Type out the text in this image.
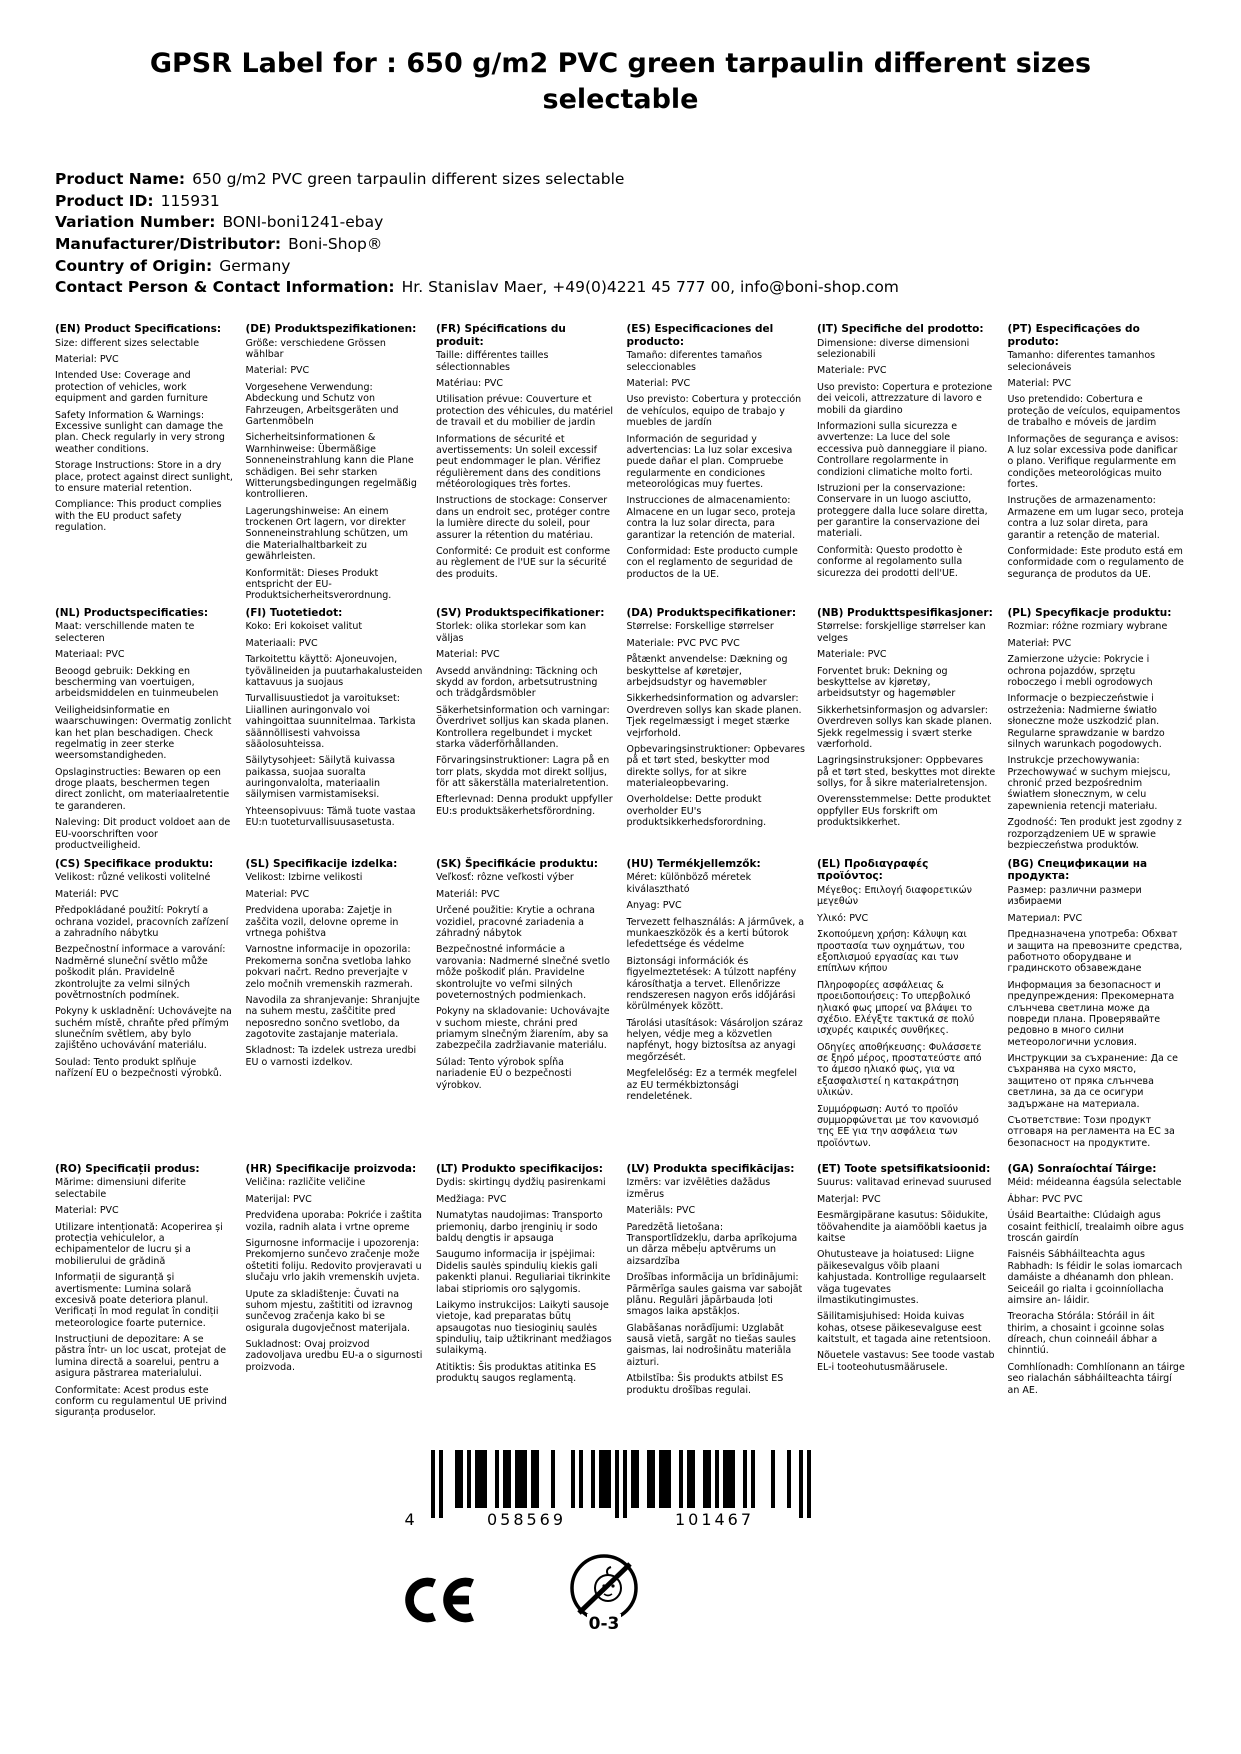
GPSR Label for : 650 g/m2 PVC green tarpaulin different sizes selectable
Product Name: 650 g/m2 PVC green tarpaulin different sizes selectable
Product ID: 115931
Variation Number: BONI-boni1241-ebay
Manufacturer/Distributor: Boni-Shop®
Country of Origin: Germany
Contact Person & Contact Information: Hr. Stanislav Maer, +49(0)4221 45 777 00, info@boni-shop.com
(EN) Product Specifications:

Size: different sizes selectable

Material: PVC

Intended Use: Coverage and protection of vehicles, work equipment and garden furniture

Safety Information & Warnings: Excessive sunlight can damage the plan. Check regularly in very strong weather conditions.

Storage Instructions: Store in a dry place, protect against direct sunlight, to ensure material retention.

Compliance: This product complies with the EU product safety regulation.

(DE) Produktspezifikationen:

Größe: verschiedene Grössen wählbar

Material: PVC

Vorgesehene Verwendung: Abdeckung und Schutz von Fahrzeugen, Arbeitsgeräten und Gartenmöbeln

Sicherheitsinformationen & Warnhinweise: Übermäßige Sonneneinstrahlung kann die Plane schädigen. Bei sehr starken Witterungsbedingungen regelmäßig kontrollieren.

Lagerungshinweise: An einem trockenen Ort lagern, vor direkter Sonneneinstrahlung schützen, um die Materialhaltbarkeit zu gewährleisten.

Konformität: Dieses Produkt entspricht der EU-Produktsicherheitsverordnung.

(FR) Spécifications du produit:

Taille: différentes tailles sélectionnables

Matériau: PVC

Utilisation prévue: Couverture et protection des véhicules, du matériel de travail et du mobilier de jardin

Informations de sécurité et avertissements: Un soleil excessif peut endommager le plan. Vérifiez régulièrement dans des conditions météorologiques très fortes.

Instructions de stockage: Conserver dans un endroit sec, protéger contre la lumière directe du soleil, pour assurer la rétention du matériau.

Conformité: Ce produit est conforme au règlement de l'UE sur la sécurité des produits.

(ES) Especificaciones del producto:

Tamaño: diferentes tamaños seleccionables

Material: PVC

Uso previsto: Cobertura y protección de vehículos, equipo de trabajo y muebles de jardín

Información de seguridad y advertencias: La luz solar excesiva puede dañar el plan. Compruebe regularmente en condiciones meteorológicas muy fuertes.

Instrucciones de almacenamiento: Almacene en un lugar seco, proteja contra la luz solar directa, para garantizar la retención de material.

Conformidad: Este producto cumple con el reglamento de seguridad de productos de la UE.

(IT) Specifiche del prodotto:

Dimensione: diverse dimensioni selezionabili

Materiale: PVC

Uso previsto: Copertura e protezione dei veicoli, attrezzature di lavoro e mobili da giardino

Informazioni sulla sicurezza e avvertenze: La luce del sole eccessiva può danneggiare il piano. Controllare regolarmente in condizioni climatiche molto forti.

Istruzioni per la conservazione: Conservare in un luogo asciutto, proteggere dalla luce solare diretta, per garantire la conservazione dei materiali.

Conformità: Questo prodotto è conforme al regolamento sulla sicurezza dei prodotti dell'UE.

(PT) Especificações do produto:

Tamanho: diferentes tamanhos selecionáveis

Material: PVC

Uso pretendido: Cobertura e proteção de veículos, equipamentos de trabalho e móveis de jardim

Informações de segurança e avisos: A luz solar excessiva pode danificar o plano. Verifique regularmente em condições meteorológicas muito fortes.

Instruções de armazenamento: Armazene em um lugar seco, proteja contra a luz solar direta, para garantir a retenção de material.

Conformidade: Este produto está em conformidade com o regulamento de segurança de produtos da UE.

(NL) Productspecificaties:

Maat: verschillende maten te selecteren

Materiaal: PVC

Beoogd gebruik: Dekking en bescherming van voertuigen, arbeidsmiddelen en tuinmeubelen

Veiligheidsinformatie en waarschuwingen: Overmatig zonlicht kan het plan beschadigen. Check regelmatig in zeer sterke weersomstandigheden.

Opslaginstructies: Bewaren op een droge plaats, beschermen tegen direct zonlicht, om materiaalretentie te garanderen.

Naleving: Dit product voldoet aan de EU-voorschriften voor productveiligheid.

(FI) Tuotetiedot:

Koko: Eri kokoiset valitut

Materiaali: PVC

Tarkoitettu käyttö: Ajoneuvojen, työvälineiden ja puutarhakalusteiden kattavuus ja suojaus

Turvallisuustiedot ja varoitukset: Liiallinen auringonvalo voi vahingoittaa suunnitelmaa. Tarkista säännöllisesti vahvoissa sääolosuhteissa.

Säilytysohjeet: Säilytä kuivassa paikassa, suojaa suoralta auringonvalolta, materiaalin säilymisen varmistamiseksi.

Yhteensopivuus: Tämä tuote vastaa EU:n tuoteturvallisuusasetusta.

(SV) Produktspecifikationer:

Storlek: olika storlekar som kan väljas

Material: PVC

Avsedd användning: Täckning och skydd av fordon, arbetsutrustning och trädgårdsmöbler

Säkerhetsinformation och varningar: Överdrivet solljus kan skada planen. Kontrollera regelbundet i mycket starka väderförhållanden.

Förvaringsinstruktioner: Lagra på en torr plats, skydda mot direkt solljus, för att säkerställa materialretention.

Efterlevnad: Denna produkt uppfyller EU:s produktsäkerhetsförordning.

(DA) Produktspecifikationer:

Størrelse: Forskellige størrelser

Materiale: PVC PVC PVC

Påtænkt anvendelse: Dækning og beskyttelse af køretøjer, arbejdsudstyr og havemøbler

Sikkerhedsinformation og advarsler: Overdreven sollys kan skade planen. Tjek regelmæssigt i meget stærke vejrforhold.

Opbevaringsinstruktioner: Opbevares på et tørt sted, beskytter mod direkte sollys, for at sikre materialeopbevaring.

Overholdelse: Dette produkt overholder EU's produktsikkerhedsforordning.

(NB) Produkttspesifikasjoner:

Størrelse: forskjellige størrelser kan velges

Materiale: PVC

Forventet bruk: Dekning og beskyttelse av kjøretøy, arbeidsutstyr og hagemøbler

Sikkerhetsinformasjon og advarsler: Overdreven sollys kan skade planen. Sjekk regelmessig i svært sterke værforhold.

Lagringsinstruksjoner: Oppbevares på et tørt sted, beskyttes mot direkte sollys, for å sikre materialretensjon.

Overensstemmelse: Dette produktet oppfyller EUs forskrift om produktsikkerhet.

(PL) Specyfikacje produktu:

Rozmiar: różne rozmiary wybrane

Materiał: PVC

Zamierzone użycie: Pokrycie i ochrona pojazdów, sprzętu roboczego i mebli ogrodowych

Informacje o bezpieczeństwie i ostrzeżenia: Nadmierne światło słoneczne może uszkodzić plan. Regularne sprawdzanie w bardzo silnych warunkach pogodowych.

Instrukcje przechowywania: Przechowywać w suchym miejscu, chronić przed bezpośrednim światłem słonecznym, w celu zapewnienia retencji materiału.

Zgodność: Ten produkt jest zgodny z rozporządzeniem UE w sprawie bezpieczeństwa produktów.

(CS) Specifikace produktu:

Velikost: různé velikosti volitelné

Materiál: PVC

Předpokládané použití: Pokrytí a ochrana vozidel, pracovních zařízení a zahradního nábytku

Bezpečnostní informace a varování: Nadměrné sluneční světlo může poškodit plán. Pravidelně zkontrolujte za velmi silných povětrnostních podmínek.

Pokyny k uskladnění: Uchovávejte na suchém místě, chraňte před přímým slunečním světlem, aby bylo zajištěno uchovávání materiálu.

Soulad: Tento produkt splňuje nařízení EU o bezpečnosti výrobků.

(SL) Specifikacije izdelka:

Velikost: Izbirne velikosti

Material: PVC

Predvidena uporaba: Zajetje in zaščita vozil, delovne opreme in vrtnega pohištva

Varnostne informacije in opozorila: Prekomerna sončna svetloba lahko pokvari načrt. Redno preverjajte v zelo močnih vremenskih razmerah.

Navodila za shranjevanje: Shranjujte na suhem mestu, zaščitite pred neposredno sončno svetlobo, da zagotovite zastajanje materiala.

Skladnost: Ta izdelek ustreza uredbi EU o varnosti izdelkov.

(SK) Špecifikácie produktu:

Veľkosť: rôzne veľkosti výber

Materiál: PVC

Určené použitie: Krytie a ochrana vozidiel, pracovné zariadenia a záhradný nábytok

Bezpečnostné informácie a varovania: Nadmerné slnečné svetlo môže poškodiť plán. Pravidelne skontrolujte vo veľmi silných poveternostných podmienkach.

Pokyny na skladovanie: Uchovávajte v suchom mieste, chráni pred priamym slnečným žiarením, aby sa zabezpečila zadržiavanie materiálu.

Súlad: Tento výrobok spĺňa nariadenie EÚ o bezpečnosti výrobkov.

(HU) Termékjellemzők:

Méret: különböző méretek kiválasztható

Anyag: PVC

Tervezett felhasználás: A járművek, a munkaeszközök és a kerti bútorok lefedettsége és védelme

Biztonsági információk és figyelmeztetések: A túlzott napfény károsíthatja a tervet. Ellenőrizze rendszeresen nagyon erős időjárási körülmények között.

Tárolási utasítások: Vásároljon száraz helyen, védje meg a közvetlen napfényt, hogy biztosítsa az anyagi megőrzését.

Megfelelőség: Ez a termék megfelel az EU termékbiztonsági rendeletének.

(EL) Προδιαγραφές προϊόντος:

Μέγεθος: Επιλογή διαφορετικών μεγεθών

Υλικό: PVC

Σκοπούμενη χρήση: Κάλυψη και προστασία των οχημάτων, του εξοπλισμού εργασίας και των επίπλων κήπου

Πληροφορίες ασφάλειας & προειδοποιήσεις: Το υπερβολικό ηλιακό φως μπορεί να βλάψει το σχέδιο. Ελέγξτε τακτικά σε πολύ ισχυρές καιρικές συνθήκες.

Οδηγίες αποθήκευσης: Φυλάσσετε σε ξηρό μέρος, προστατεύστε από το άμεσο ηλιακό φως, για να εξασφαλιστεί η κατακράτηση υλικών.

Συμμόρφωση: Αυτό το προϊόν συμμορφώνεται με τον κανονισμό της ΕΕ για την ασφάλεια των προϊόντων.

(BG) Спецификации на продукта:

Размер: различни размери избираеми

Материал: PVC

Предназначена употреба: Обхват и защита на превозните средства, работното оборудване и градинското обзавеждане

Информация за безопасност и предупреждения: Прекомерната слънчева светлина може да повреди плана. Проверявайте редовно в много силни метеорологични условия.

Инструкции за съхранение: Да се съхранява на сухо място, защитено от пряка слънчева светлина, за да се осигури задържане на материала.

Съответствие: Този продукт отговаря на регламента на ЕС за безопасност на продуктите.

(RO) Specificații produs:

Mărime: dimensiuni diferite selectabile

Material: PVC

Utilizare intenționată: Acoperirea și protecția vehiculelor, a echipamentelor de lucru și a mobilierului de grădină

Informații de siguranță și avertismente: Lumina solară excesivă poate deteriora planul. Verificați în mod regulat în condiții meteorologice foarte puternice.

Instrucțiuni de depozitare: A se păstra într- un loc uscat, protejat de lumina directă a soarelui, pentru a asigura păstrarea materialului.

Conformitate: Acest produs este conform cu regulamentul UE privind siguranța produselor.

(HR) Specifikacije proizvoda:

Veličina: različite veličine

Materijal: PVC

Predviđena uporaba: Pokriće i zaštita vozila, radnih alata i vrtne opreme

Sigurnosne informacije i upozorenja: Prekomjerno sunčevo zračenje može oštetiti foliju. Redovito provjeravati u slučaju vrlo jakih vremenskih uvjeta.

Upute za skladištenje: Čuvati na suhom mjestu, zaštititi od izravnog sunčevog zračenja kako bi se osigurala dugovječnost materijala.

Sukladnost: Ovaj proizvod zadovoljava uredbu EU-a o sigurnosti proizvoda.

(LT) Produkto specifikacijos:

Dydis: skirtingų dydžių pasirenkami

Medžiaga: PVC

Numatytas naudojimas: Transporto priemonių, darbo įrenginių ir sodo baldų dengtis ir apsauga

Saugumo informacija ir įspėjimai: Didelis saulės spindulių kiekis gali pakenkti planui. Reguliariai tikrinkite labai stipriomis oro sąlygomis.

Laikymo instrukcijos: Laikyti sausoje vietoje, kad preparatas būtų apsaugotas nuo tiesioginių saulės spindulių, taip užtikrinant medžiagos sulaikymą.

Atitiktis: Šis produktas atitinka ES produktų saugos reglamentą.

(LV) Produkta specifikācijas:

Izmērs: var izvēlēties dažādus izmērus

Materiāls: PVC

Paredzētā lietošana: Transportlīdzekļu, darba aprīkojuma un dārza mēbeļu aptvērums un aizsardzība

Drošības informācija un brīdinājumi: Pārmērīga saules gaisma var sabojāt plānu. Regulāri jāpārbauda ļoti smagos laika apstākļos.

Glabāšanas norādījumi: Uzglabāt sausā vietā, sargāt no tiešas saules gaismas, lai nodrošinātu materiāla aizturi.

Atbilstība: Šis produkts atbilst ES produktu drošības regulai.

(ET) Toote spetsifikatsioonid:

Suurus: valitavad erinevad suurused

Materjal: PVC

Eesmärgipärane kasutus: Sõidukite, töövahendite ja aiamööbli kaetus ja kaitse

Ohutusteave ja hoiatused: Liigne päikesevalgus võib plaani kahjustada. Kontrollige regulaarselt väga tugevates ilmastikutingimustes.

Säilitamisjuhised: Hoida kuivas kohas, otsese päikesevalguse eest kaitstult, et tagada aine retentsioon.

Nõuetele vastavus: See toode vastab EL-i tooteohutusmäärusele.

(GA) Sonraíochtaí Táirge:

Méid: méideanna éagsúla selectable

Ábhar: PVC PVC

Úsáid Beartaithe: Clúdaigh agus cosaint feithiclí, trealaimh oibre agus troscán gairdín

Faisnéis Sábháilteachta agus Rabhadh: Is féidir le solas iomarcach damáiste a dhéanamh don phlean. Seiceáil go rialta i gcoinníollacha aimsire an- láidir.

Treoracha Stórála: Stóráil in áit thirim, a chosaint i gcoinne solas díreach, chun coinneáil ábhar a chinntiú.

Comhlíonadh: Comhlíonann an táirge seo rialachán sábháilteachta táirgí an AE.

4	058569	101467
0-3
